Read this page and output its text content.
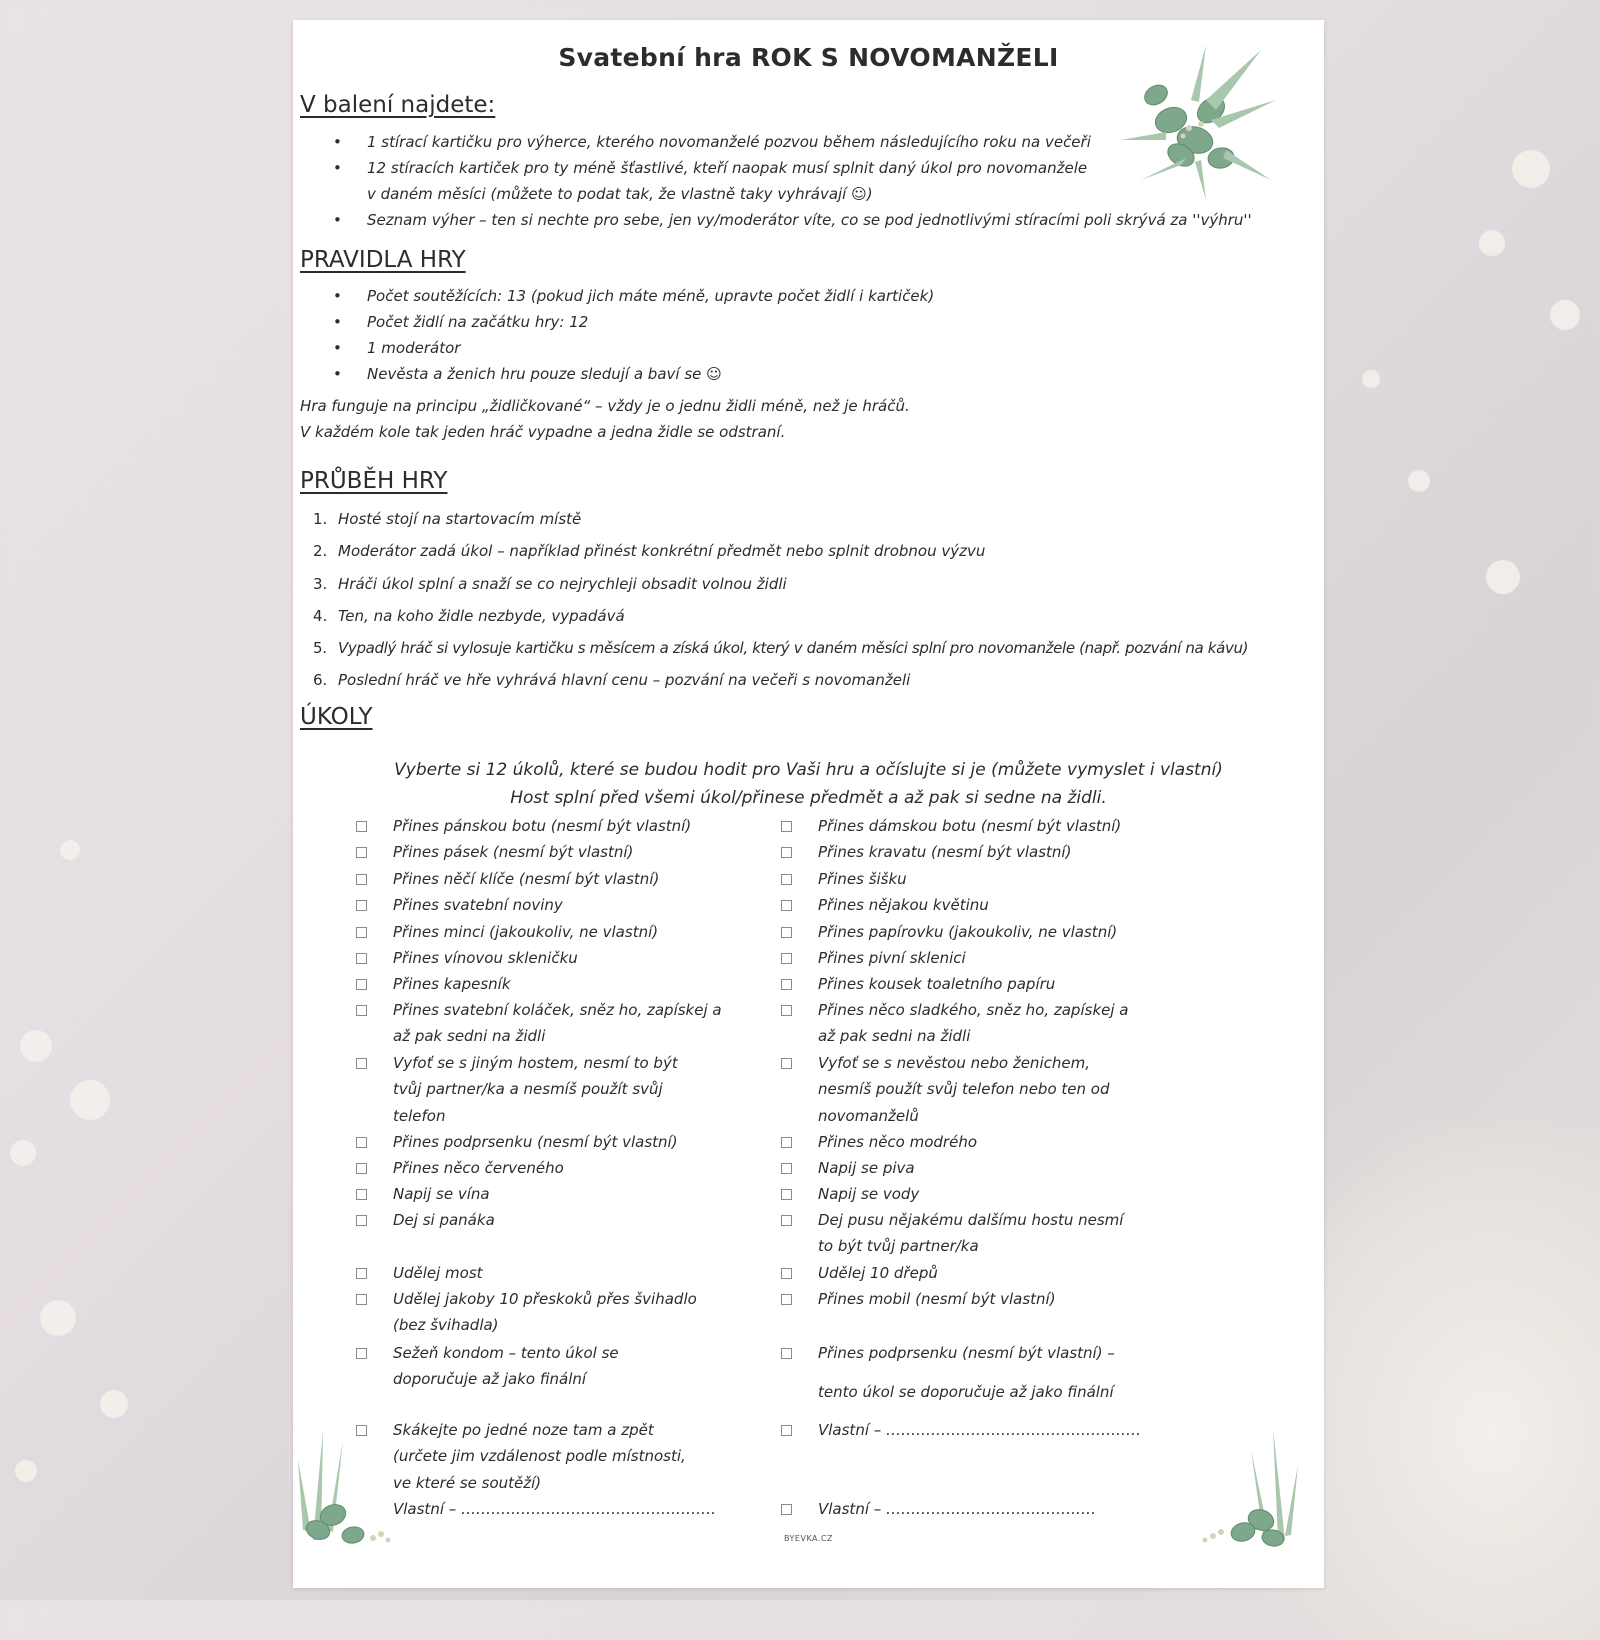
Svatební hra ROK S NOVOMANŽELI
V balení najdete:
• 1 stírací kartičku pro výherce, kterého novomanželé pozvou během následujícího roku na večeři
• 12 stíracích kartiček pro ty méně šťastlivé, kteří naopak musí splnit daný úkol pro novomanžele
v daném měsíci (můžete to podat tak, že vlastně taky vyhrávají ☺)
• Seznam výher – ten si nechte pro sebe, jen vy/moderátor víte, co se pod jednotlivými stíracími poli skrývá za ''výhru''
PRAVIDLA HRY
• Počet soutěžících: 13 (pokud jich máte méně, upravte počet židlí i kartiček)
• Počet židlí na začátku hry: 12
• 1 moderátor
• Nevěsta a ženich hru pouze sledují a baví se ☺
Hra funguje na principu „židličkované“ – vždy je o jednu židli méně, než je hráčů.
V každém kole tak jeden hráč vypadne a jedna židle se odstraní.
PRŮBĚH HRY
1. Hosté stojí na startovacím místě
2. Moderátor zadá úkol – například přinést konkrétní předmět nebo splnit drobnou výzvu
3. Hráči úkol splní a snaží se co nejrychleji obsadit volnou židli
4. Ten, na koho židle nezbyde, vypadává
5. Vypadlý hráč si vylosuje kartičku s měsícem a získá úkol, který v daném měsíci splní pro novomanžele (např. pozvání na kávu)
6. Poslední hráč ve hře vyhrává hlavní cenu – pozvání na večeři s novomanželi
ÚKOLY
Vyberte si 12 úkolů, které se budou hodit pro Vaši hru a očíslujte si je (můžete vymyslet i vlastní)
Host splní před všemi úkol/přinese předmět a až pak si sedne na židli.
Přines pánskou botu (nesmí být vlastní)
Přines pásek (nesmí být vlastní)
Přines něčí klíče (nesmí být vlastní)
Přines svatební noviny
Přines minci (jakoukoliv, ne vlastní)
Přines vínovou skleničku
Přines kapesník
Přines svatební koláček, sněz ho, zapískej a až pak sedni na židli
Vyfoť se s jiným hostem, nesmí to být tvůj partner/ka a nesmíš použít svůj telefon
Přines podprsenku (nesmí být vlastní)
Přines něco červeného
Napij se vína
Dej si panáka
Udělej most
Udělej jakoby 10 přeskoků přes švihadlo (bez švihadla)
Sežeň kondom – tento úkol se doporučuje až jako finální
Skákejte po jedné noze tam a zpět (určete jim vzdálenost podle místnosti, ve které se soutěží)
Vlastní – ……………………………………………
Přines dámskou botu (nesmí být vlastní)
Přines kravatu (nesmí být vlastní)
Přines šišku
Přines nějakou květinu
Přines papírovku (jakoukoliv, ne vlastní)
Přines pivní sklenici
Přines kousek toaletního papíru
Přines něco sladkého, sněz ho, zapískej a až pak sedni na židli
Vyfoť se s nevěstou nebo ženichem, nesmíš použít svůj telefon nebo ten od novomanželů
Přines něco modrého
Napij se piva
Napij se vody
Dej pusu nějakému dalšímu hostu nesmí to být tvůj partner/ka
Udělej 10 dřepů
Přines mobil (nesmí být vlastní)
Přines podprsenku (nesmí být vlastní) –
tento úkol se doporučuje až jako finální
Vlastní – ……………………………………………
Vlastní – ……………………………………
BYEVKA.CZ
